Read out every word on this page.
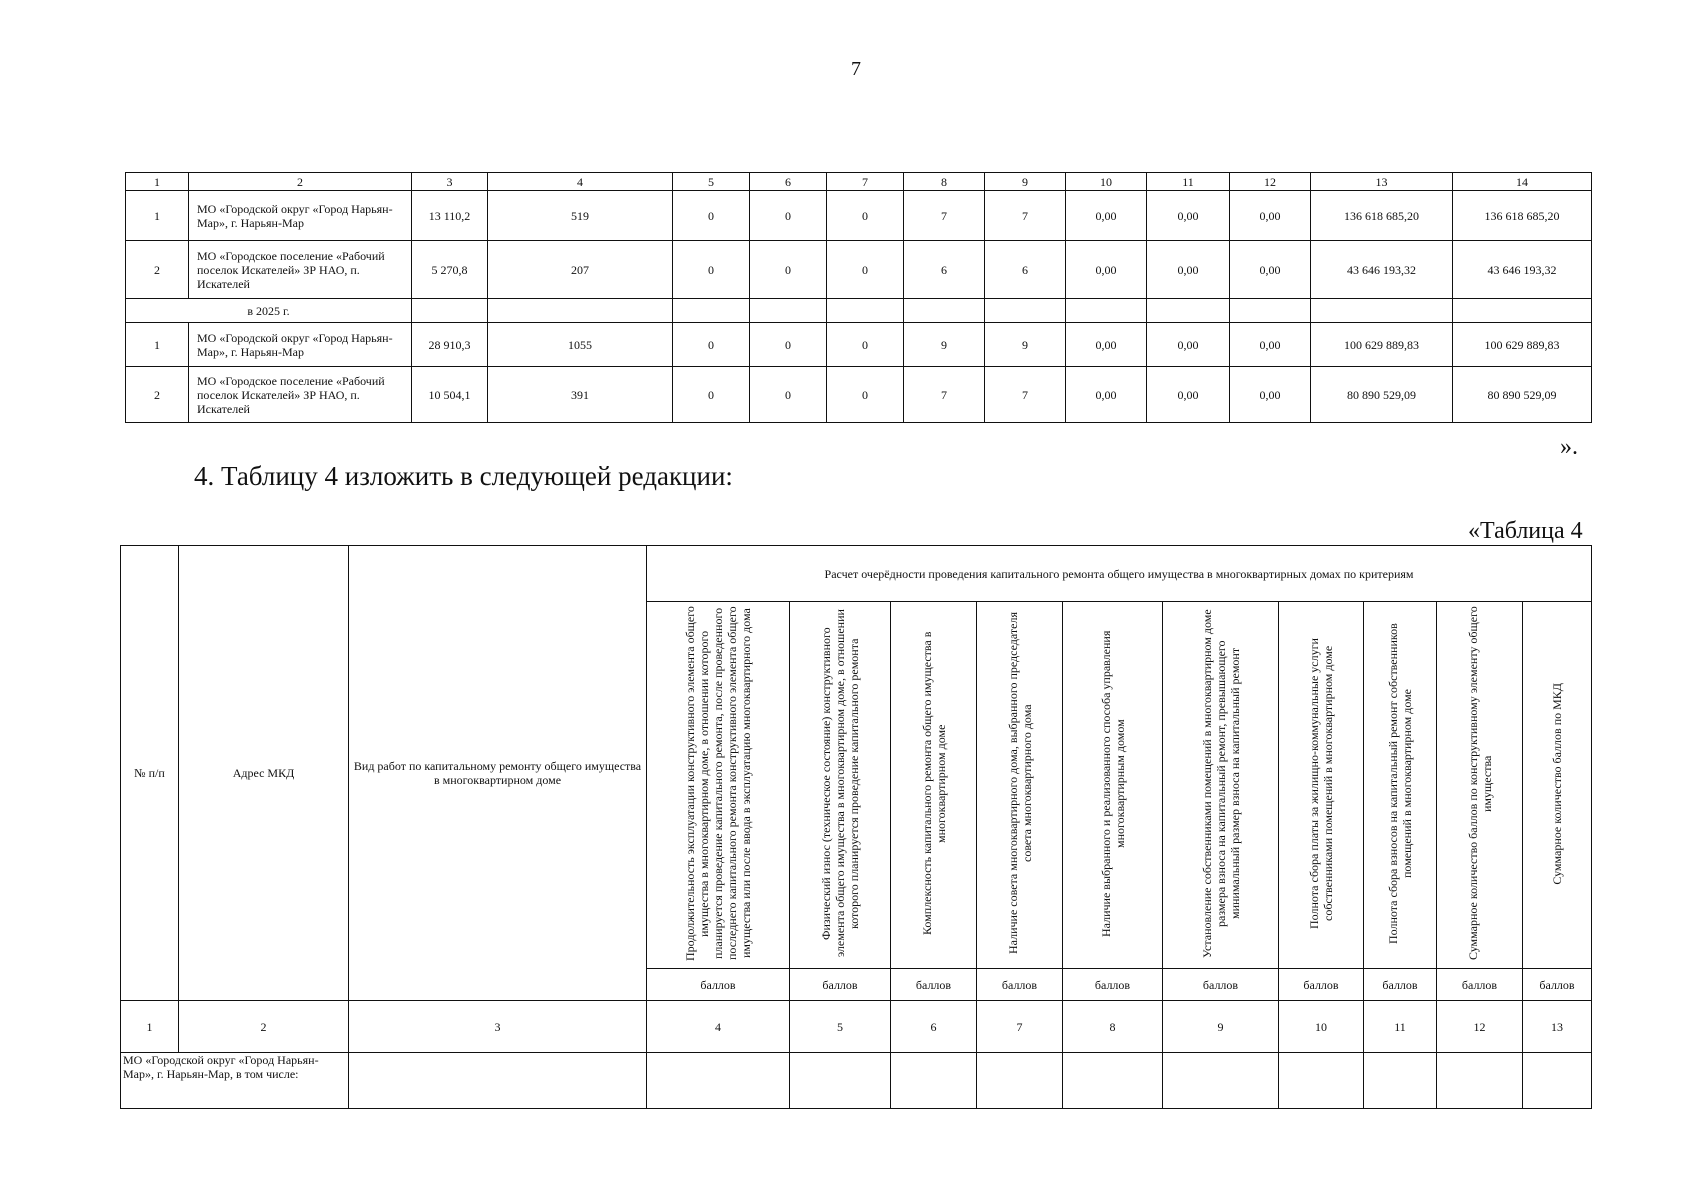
7
1	2	3	4	5	6	7	8	9	10	11	12	13	14
1	МО «Городской округ «Город Нарьян-Мар», г. Нарьян-Мар	13 110,2	519	0	0	0	7	7	0,00	0,00	0,00	136 618 685,20	136 618 685,20
2	МО «Городское поселение «Рабочий поселок Искателей» ЗР НАО, п. Искателей	5 270,8	207	0	0	0	6	6	0,00	0,00	0,00	43 646 193,32	43 646 193,32
в 2025 г.													
1	МО «Городской округ «Город Нарьян-Мар», г. Нарьян-Мар	28 910,3	1055	0	0	0	9	9	0,00	0,00	0,00	100 629 889,83	100 629 889,83
2	МО «Городское поселение «Рабочий поселок Искателей» ЗР НАО, п. Искателей	10 504,1	391	0	0	0	7	7	0,00	0,00	0,00	80 890 529,09	80 890 529,09
».
4. Таблицу 4 изложить в следующей редакции:
«Таблица 4
№ п/п	Адрес МКД	Вид работ по капитальному ремонту общего имущества в многоквартирном доме	Расчет очерёдности проведения капитального ремонта общего имущества в многоквартирных домах по критериям									
			Продолжительность эксплуатации конструктивного элемента общего имущества в многоквартирном доме, в отношении которого планируется проведение капитального ремонта, после проведенного последнего капитального ремонта конструктивного элемента общего имущества или после ввода в эксплуатацию многоквартирного дома	Физический износ (техническое состояние) конструктивного элемента общего имущества в многоквартирном доме, в отношении которого планируется проведение капитального ремонта	Комплексность капитального ремонта общего имущества в многоквартирном доме	Наличие совета многоквартирного дома, выбранного председателя совета многоквартирного дома	Наличие выбранного и реализованного способа управления многоквартирным домом	Установление собственниками помещений в многоквартирном доме размера взноса на капитальный ремонт, превышающего минимальный размер взноса на капитальный ремонт	Полнота сбора платы за жилищно-коммунальные услуги собственниками помещений в многоквартирном доме	Полнота сбора взносов на капитальный ремонт собственников помещений в многоквартирном доме	Суммарное количество баллов по конструктивному элементу общего имущества	Суммарное количество баллов по МКД
			баллов	баллов	баллов	баллов	баллов	баллов	баллов	баллов	баллов	баллов
1	2	3	4	5	6	7	8	9	10	11	12	13
МО «Городской округ «Город Нарьян-Мар», г. Нарьян-Мар, в том числе:												
